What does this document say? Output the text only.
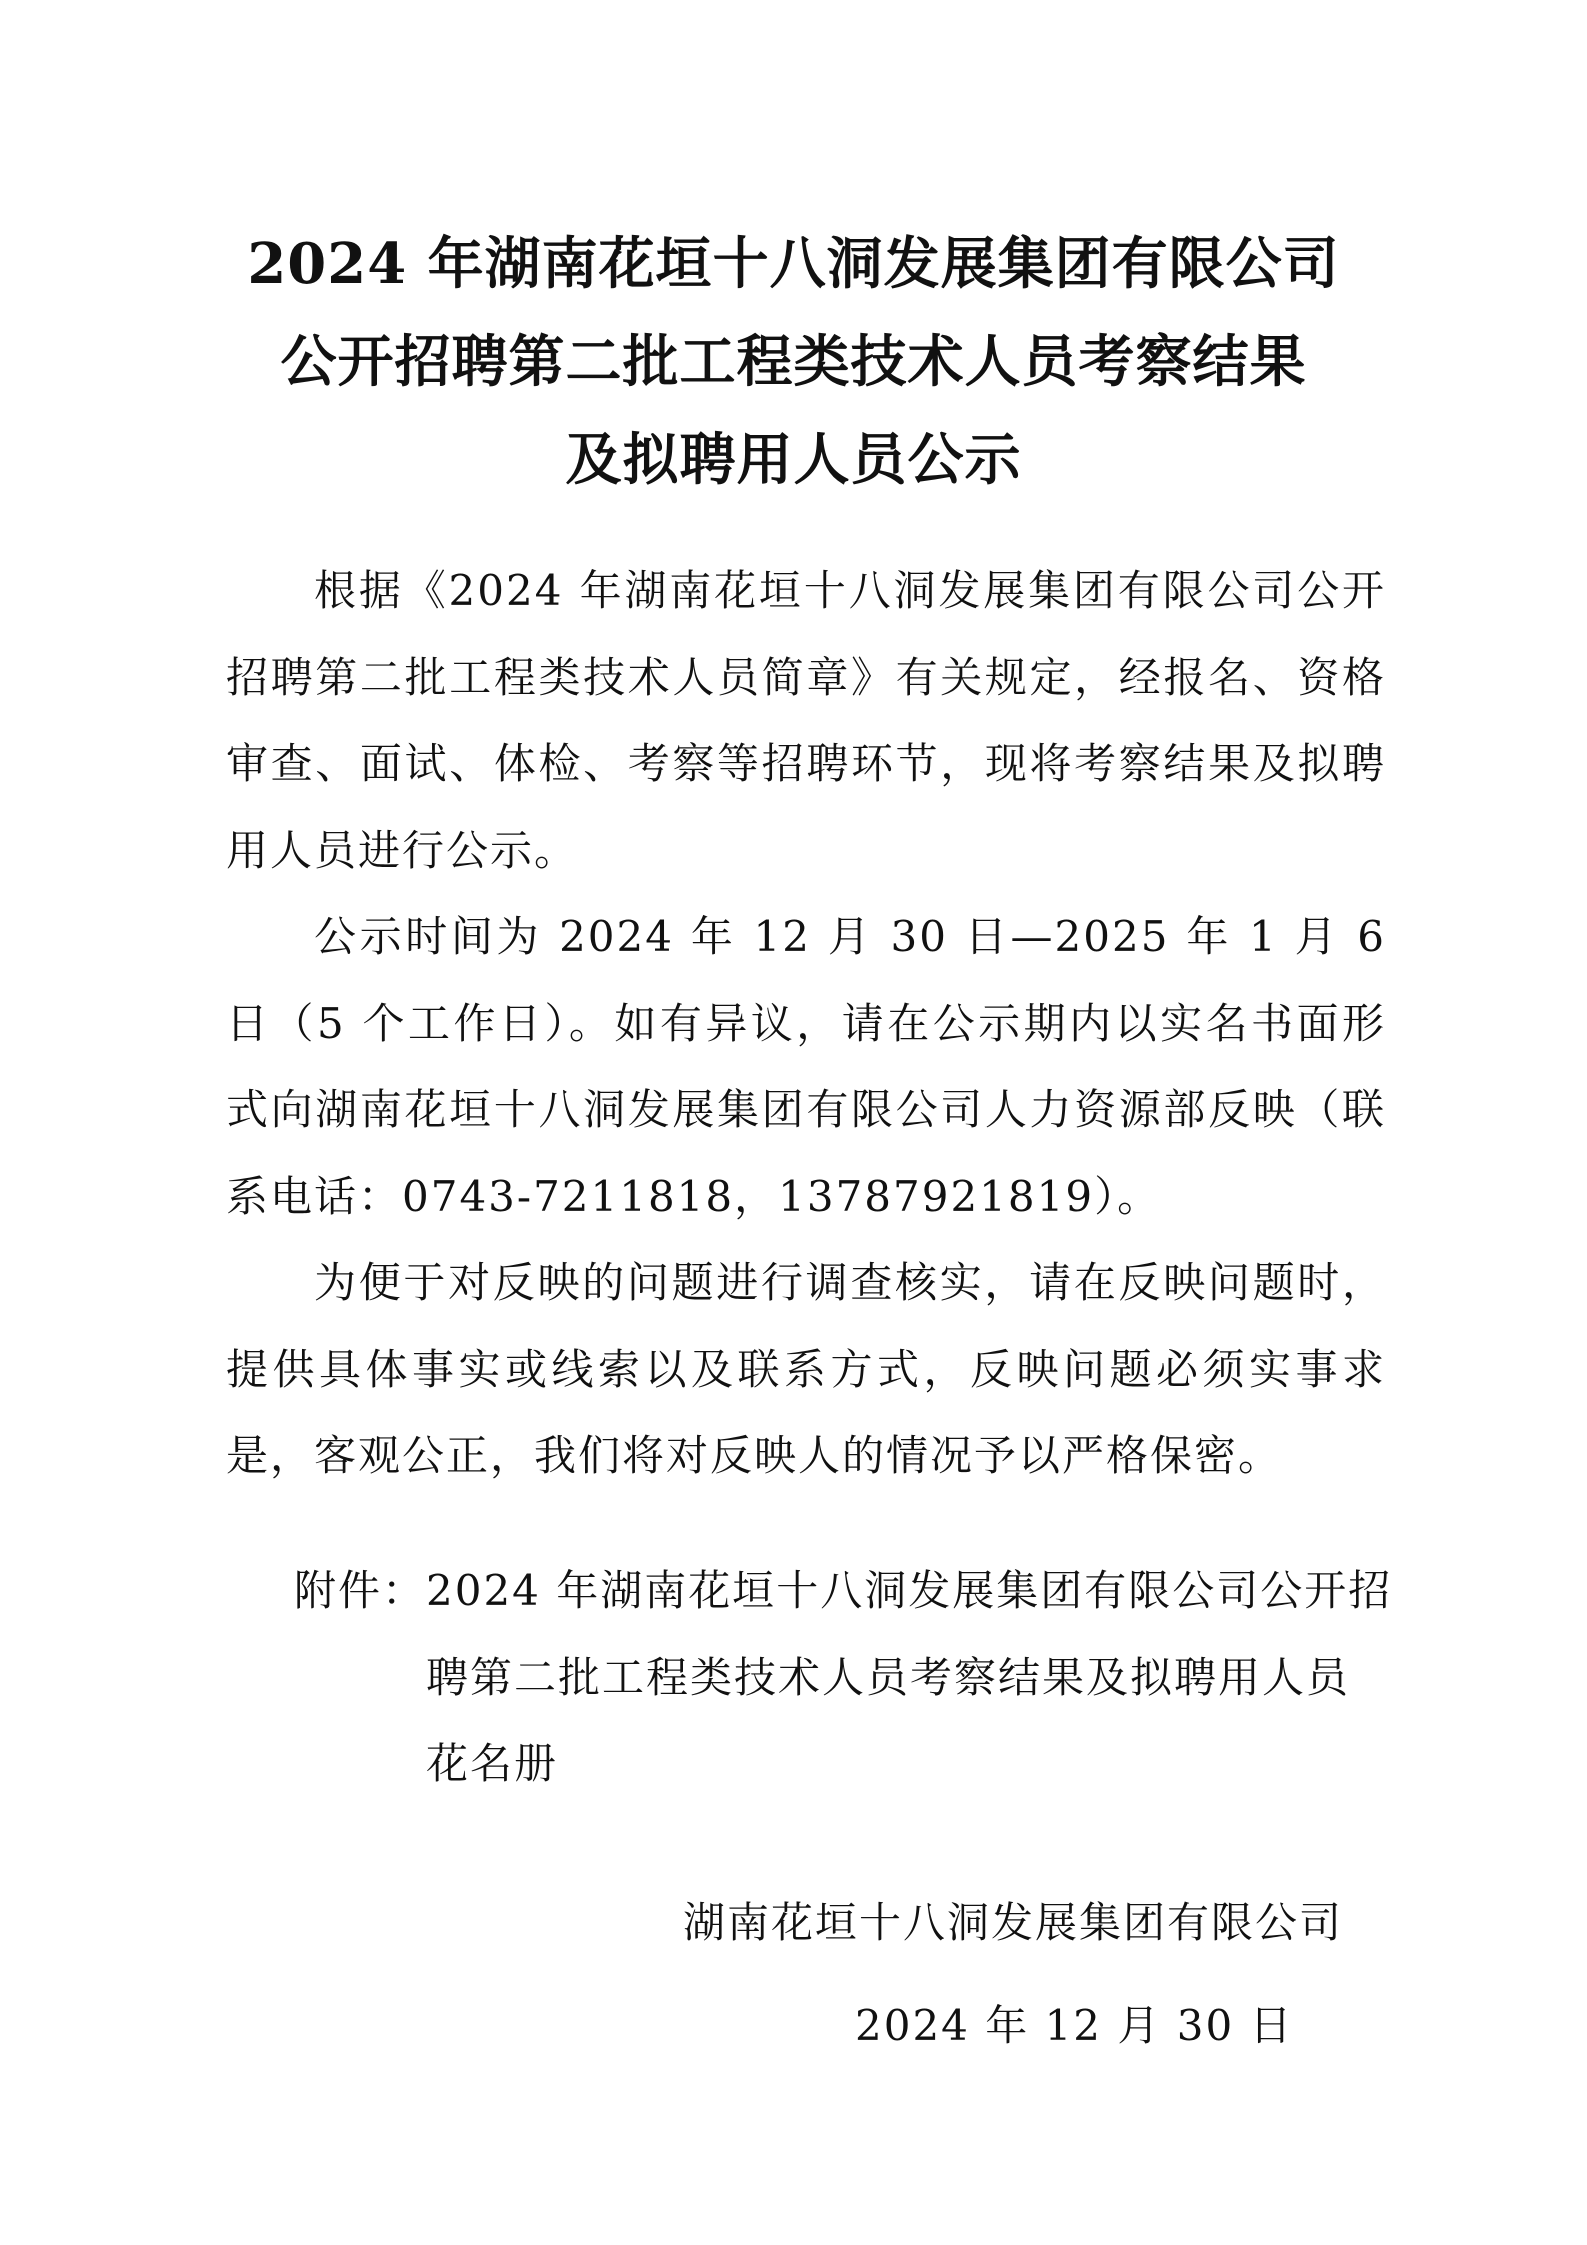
2024 年湖南花垣十八洞发展集团有限公司
公开招聘第二批工程类技术人员考察结果
及拟聘用人员公示

根据《2024 年湖南花垣十八洞发展集团有限公司公开招聘第二批工程类技术人员简章》有关规定，经报名、资格审查、面试、体检、考察等招聘环节，现将考察结果及拟聘用人员进行公示。

公示时间为 2024 年 12 月 30 日—2025 年 1 月 6 日（5 个工作日）。如有异议，请在公示期内以实名书面形式向湖南花垣十八洞发展集团有限公司人力资源部反映（联系电话：0743-7211818，13787921819）。

为便于对反映的问题进行调查核实，请在反映问题时，提供具体事实或线索以及联系方式，反映问题必须实事求是，客观公正，我们将对反映人的情况予以严格保密。

附件： 2024 年湖南花垣十八洞发展集团有限公司公开招聘第二批工程类技术人员考察结果及拟聘用人员花名册
湖南花垣十八洞发展集团有限公司
2024 年 12 月 30 日
